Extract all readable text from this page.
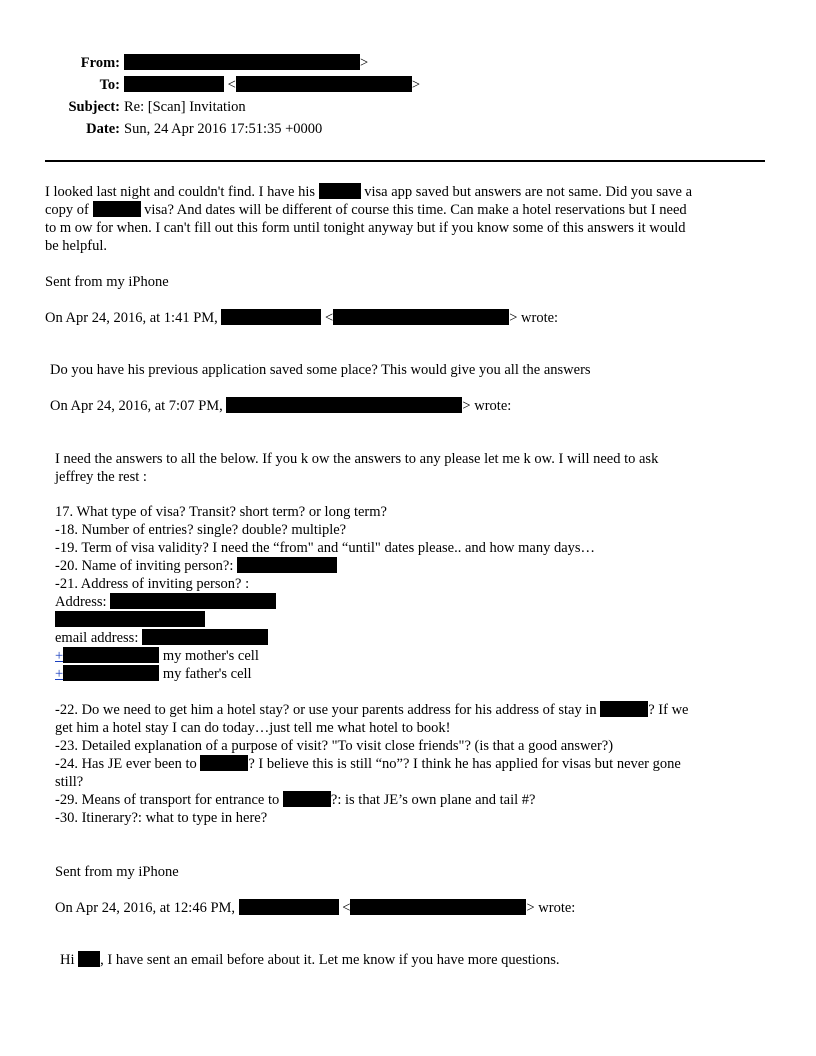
From:	>
To:	<	>
Subject: Re: [Scan] Invitation
Date: Sun, 24 Apr 2016 17:51:35 +0000
I looked last night and couldn't find. I have his	visa app saved but answers are not same. Did you save a
copy of	visa? And dates will be different of course this time. Can make a hotel reservations but I need
to m ow for when. I can't fill out this form until tonight anyway but if you know some of this answers it would
be helpful.
Sent from my iPhone
On Apr 24, 2016, at 1:41 PM,	<	> wrote:
Do you have his previous application saved some place? This would give you all the answers
On Apr 24, 2016, at 7:07 PM,	> wrote:
I need the answers to all the below. If you k ow the answers to any please let me k ow. I will need to ask
jeffrey the rest :
17. What type of visa? Transit? short term? or long term?
-18. Number of entries? single? double? multiple?
-19. Term of visa validity? I need the “from" and “until" dates please.. and how many days…
-20. Name of inviting person?:
-21. Address of inviting person? :
Address:
email address:
+	my mother's cell
+	my father's cell
-22. Do we need to get him a hotel stay? or use your parents address for his address of stay in	? If we
get him a hotel stay I can do today…just tell me what hotel to book!
-23. Detailed explanation of a purpose of visit? "To visit close friends"? (is that a good answer?)
-24. Has JE ever been to	? I believe this is still “no”? I think he has applied for visas but never gone
still?
-29. Means of transport for entrance to	?: is that JE’s own plane and tail #?
-30. Itinerary?: what to type in here?
Sent from my iPhone
On Apr 24, 2016, at 12:46 PM,	<	> wrote:
Hi , I have sent an email before about it. Let me know if you have more questions.
